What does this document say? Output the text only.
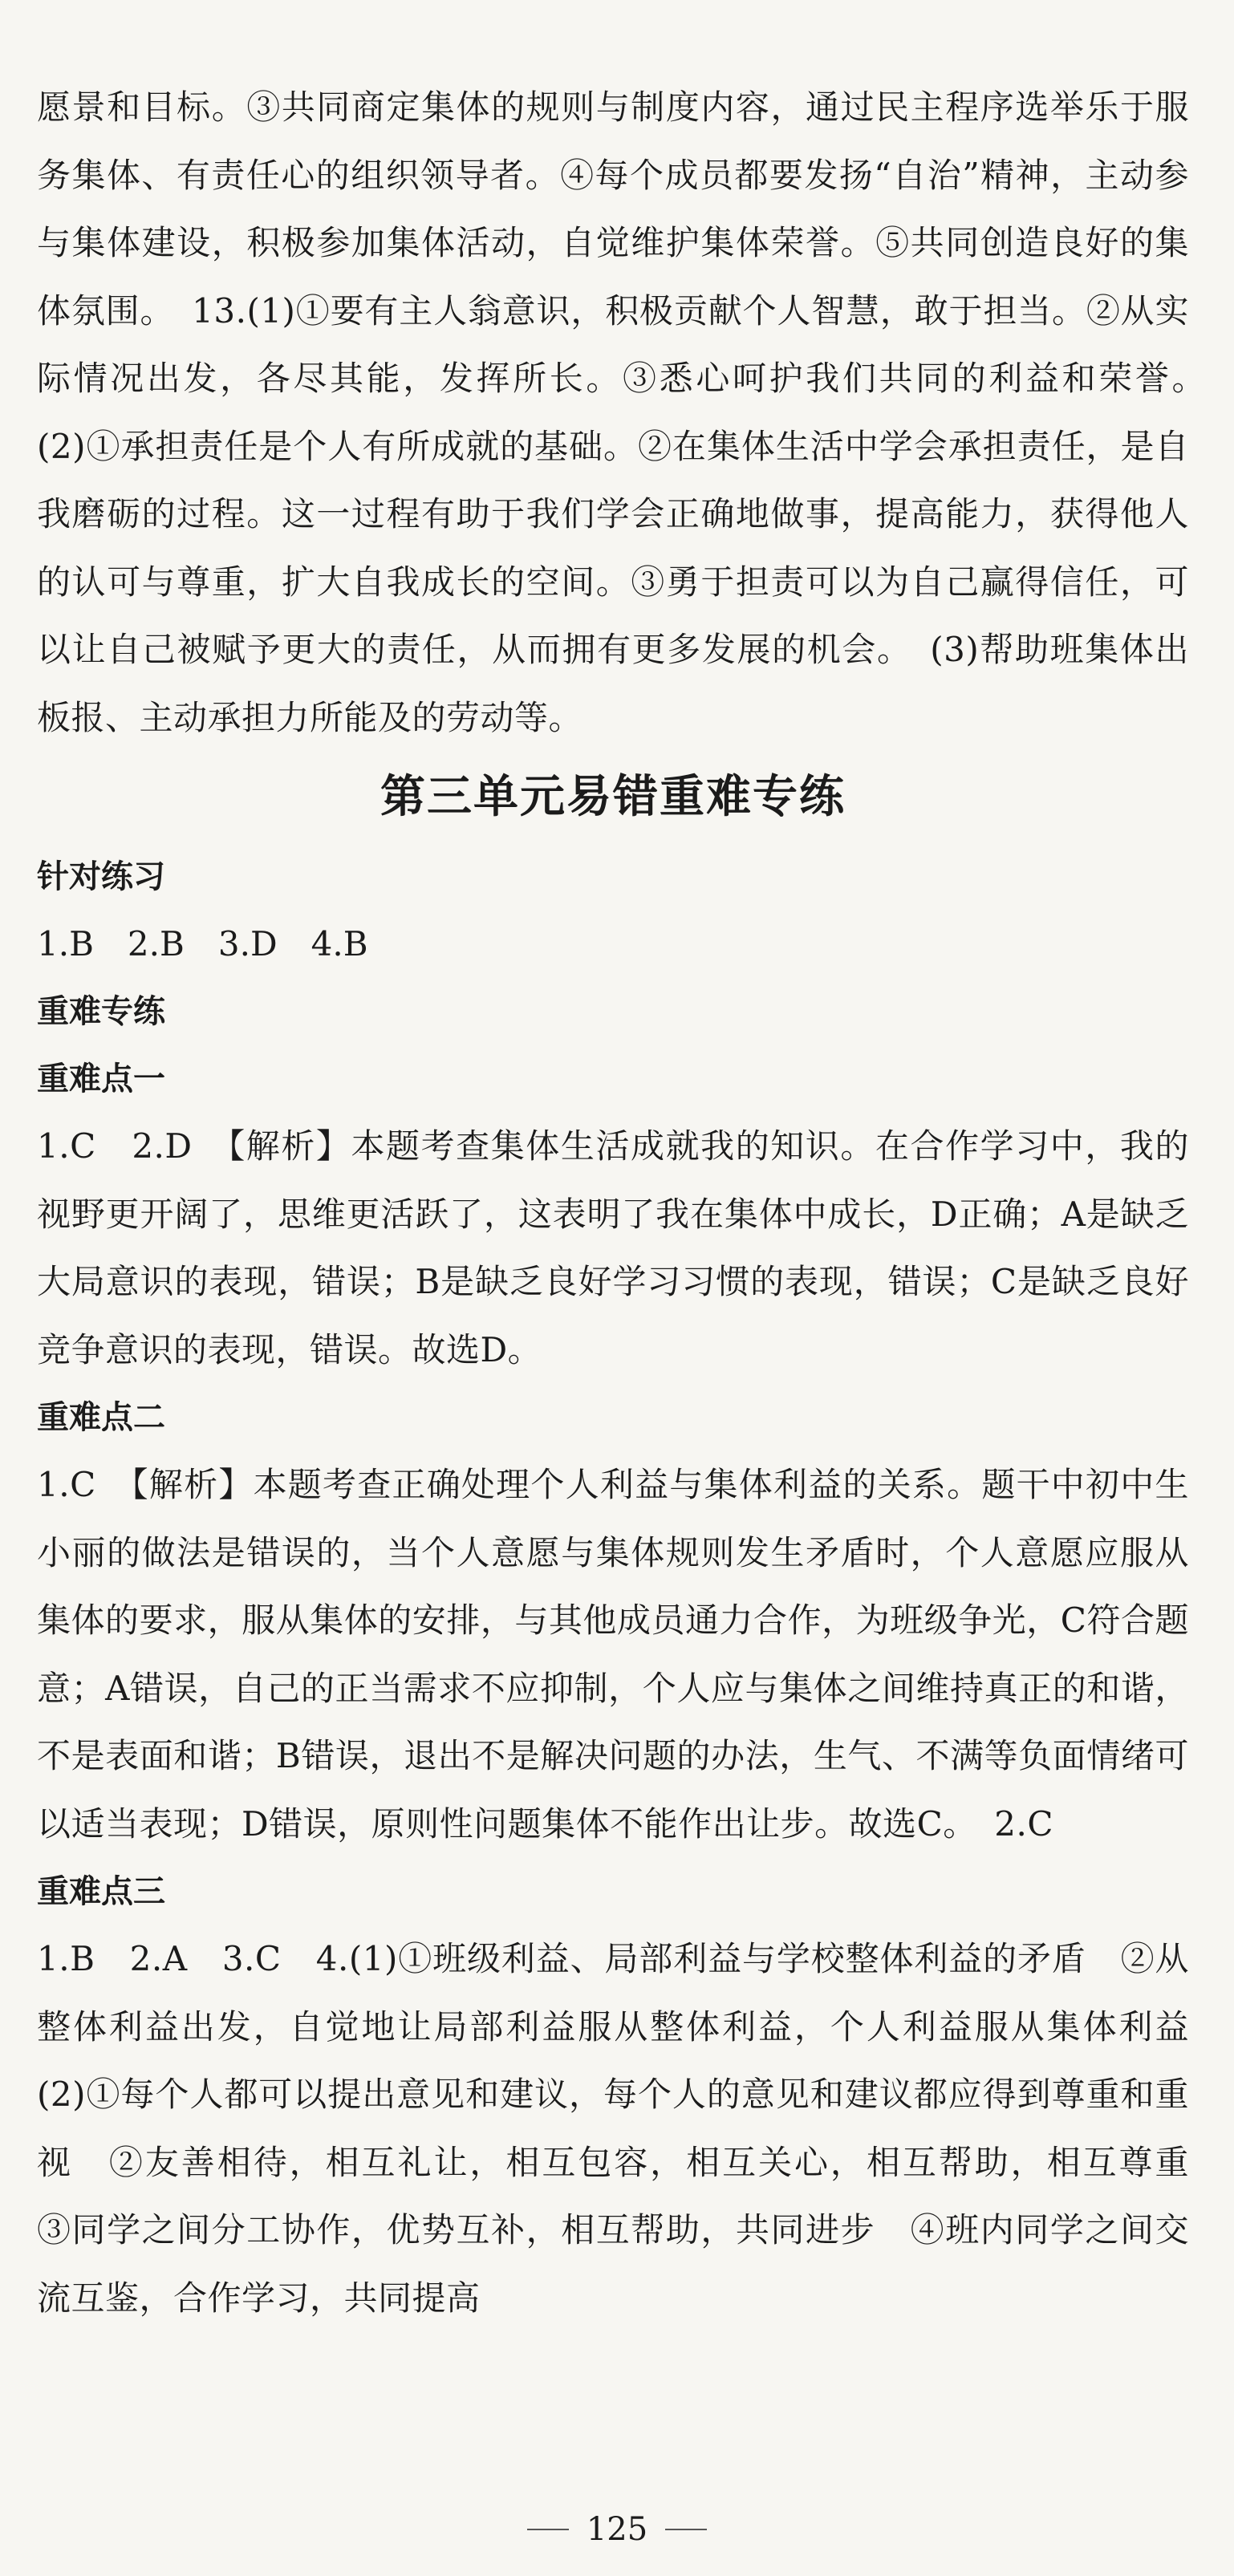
愿景和目标。③共同商定集体的规则与制度内容，通过民主程序选举乐于服务集体、有责任心的组织领导者。④每个成员都要发扬“自治”精神，主动参与集体建设，积极参加集体活动，自觉维护集体荣誉。⑤共同创造良好的集体氛围。　13.(1)①要有主人翁意识，积极贡献个人智慧，敢于担当。②从实际情况出发，各尽其能，发挥所长。③悉心呵护我们共同的利益和荣誉。　(2)①承担责任是个人有所成就的基础。②在集体生活中学会承担责任，是自我磨砺的过程。这一过程有助于我们学会正确地做事，提高能力，获得他人的认可与尊重，扩大自我成长的空间。③勇于担责可以为自己赢得信任，可以让自己被赋予更大的责任，从而拥有更多发展的机会。　(3)帮助班集体出板报、主动承担力所能及的劳动等。

第三单元易错重难专练

针对练习

1.B　2.B　3.D　4.B

重难专练

重难点一

1.C　2.D　【解析】本题考查集体生活成就我的知识。在合作学习中，我的视野更开阔了，思维更活跃了，这表明了我在集体中成长，D正确；A是缺乏大局意识的表现，错误；B是缺乏良好学习习惯的表现，错误；C是缺乏良好竞争意识的表现，错误。故选D。

重难点二

1.C　【解析】本题考查正确处理个人利益与集体利益的关系。题干中初中生小丽的做法是错误的，当个人意愿与集体规则发生矛盾时，个人意愿应服从集体的要求，服从集体的安排，与其他成员通力合作，为班级争光，C符合题意；A错误，自己的正当需求不应抑制，个人应与集体之间维持真正的和谐，不是表面和谐；B错误，退出不是解决问题的办法，生气、不满等负面情绪可以适当表现；D错误，原则性问题集体不能作出让步。故选C。　2.C

重难点三

1.B　2.A　3.C　4.(1)①班级利益、局部利益与学校整体利益的矛盾　②从整体利益出发，自觉地让局部利益服从整体利益，个人利益服从集体利益　(2)①每个人都可以提出意见和建议，每个人的意见和建议都应得到尊重和重视　②友善相待，相互礼让，相互包容，相互关心，相互帮助，相互尊重　③同学之间分工协作，优势互补，相互帮助，共同进步　④班内同学之间交流互鉴，合作学习，共同提高

125
